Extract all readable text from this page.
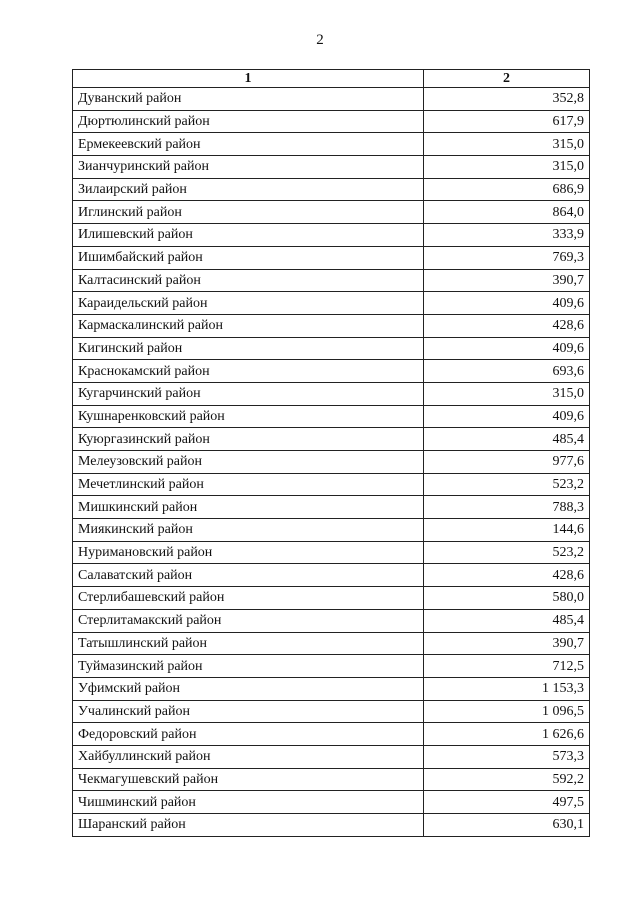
2
1	2
Дуванский район	352,8
Дюртюлинский район	617,9
Ермекеевский район	315,0
Зианчуринский район	315,0
Зилаирский район	686,9
Иглинский район	864,0
Илишевский район	333,9
Ишимбайский район	769,3
Калтасинский район	390,7
Караидельский район	409,6
Кармаскалинский район	428,6
Кигинский район	409,6
Краснокамский район	693,6
Кугарчинский район	315,0
Кушнаренковский район	409,6
Куюргазинский район	485,4
Мелеузовский район	977,6
Мечетлинский район	523,2
Мишкинский район	788,3
Миякинский район	144,6
Нуримановский район	523,2
Салаватский район	428,6
Стерлибашевский район	580,0
Стерлитамакский район	485,4
Татышлинский район	390,7
Туймазинский район	712,5
Уфимский район	1 153,3
Учалинский район	1 096,5
Федоровский район	1 626,6
Хайбуллинский район	573,3
Чекмагушевский район	592,2
Чишминский район	497,5
Шаранский район	630,1
